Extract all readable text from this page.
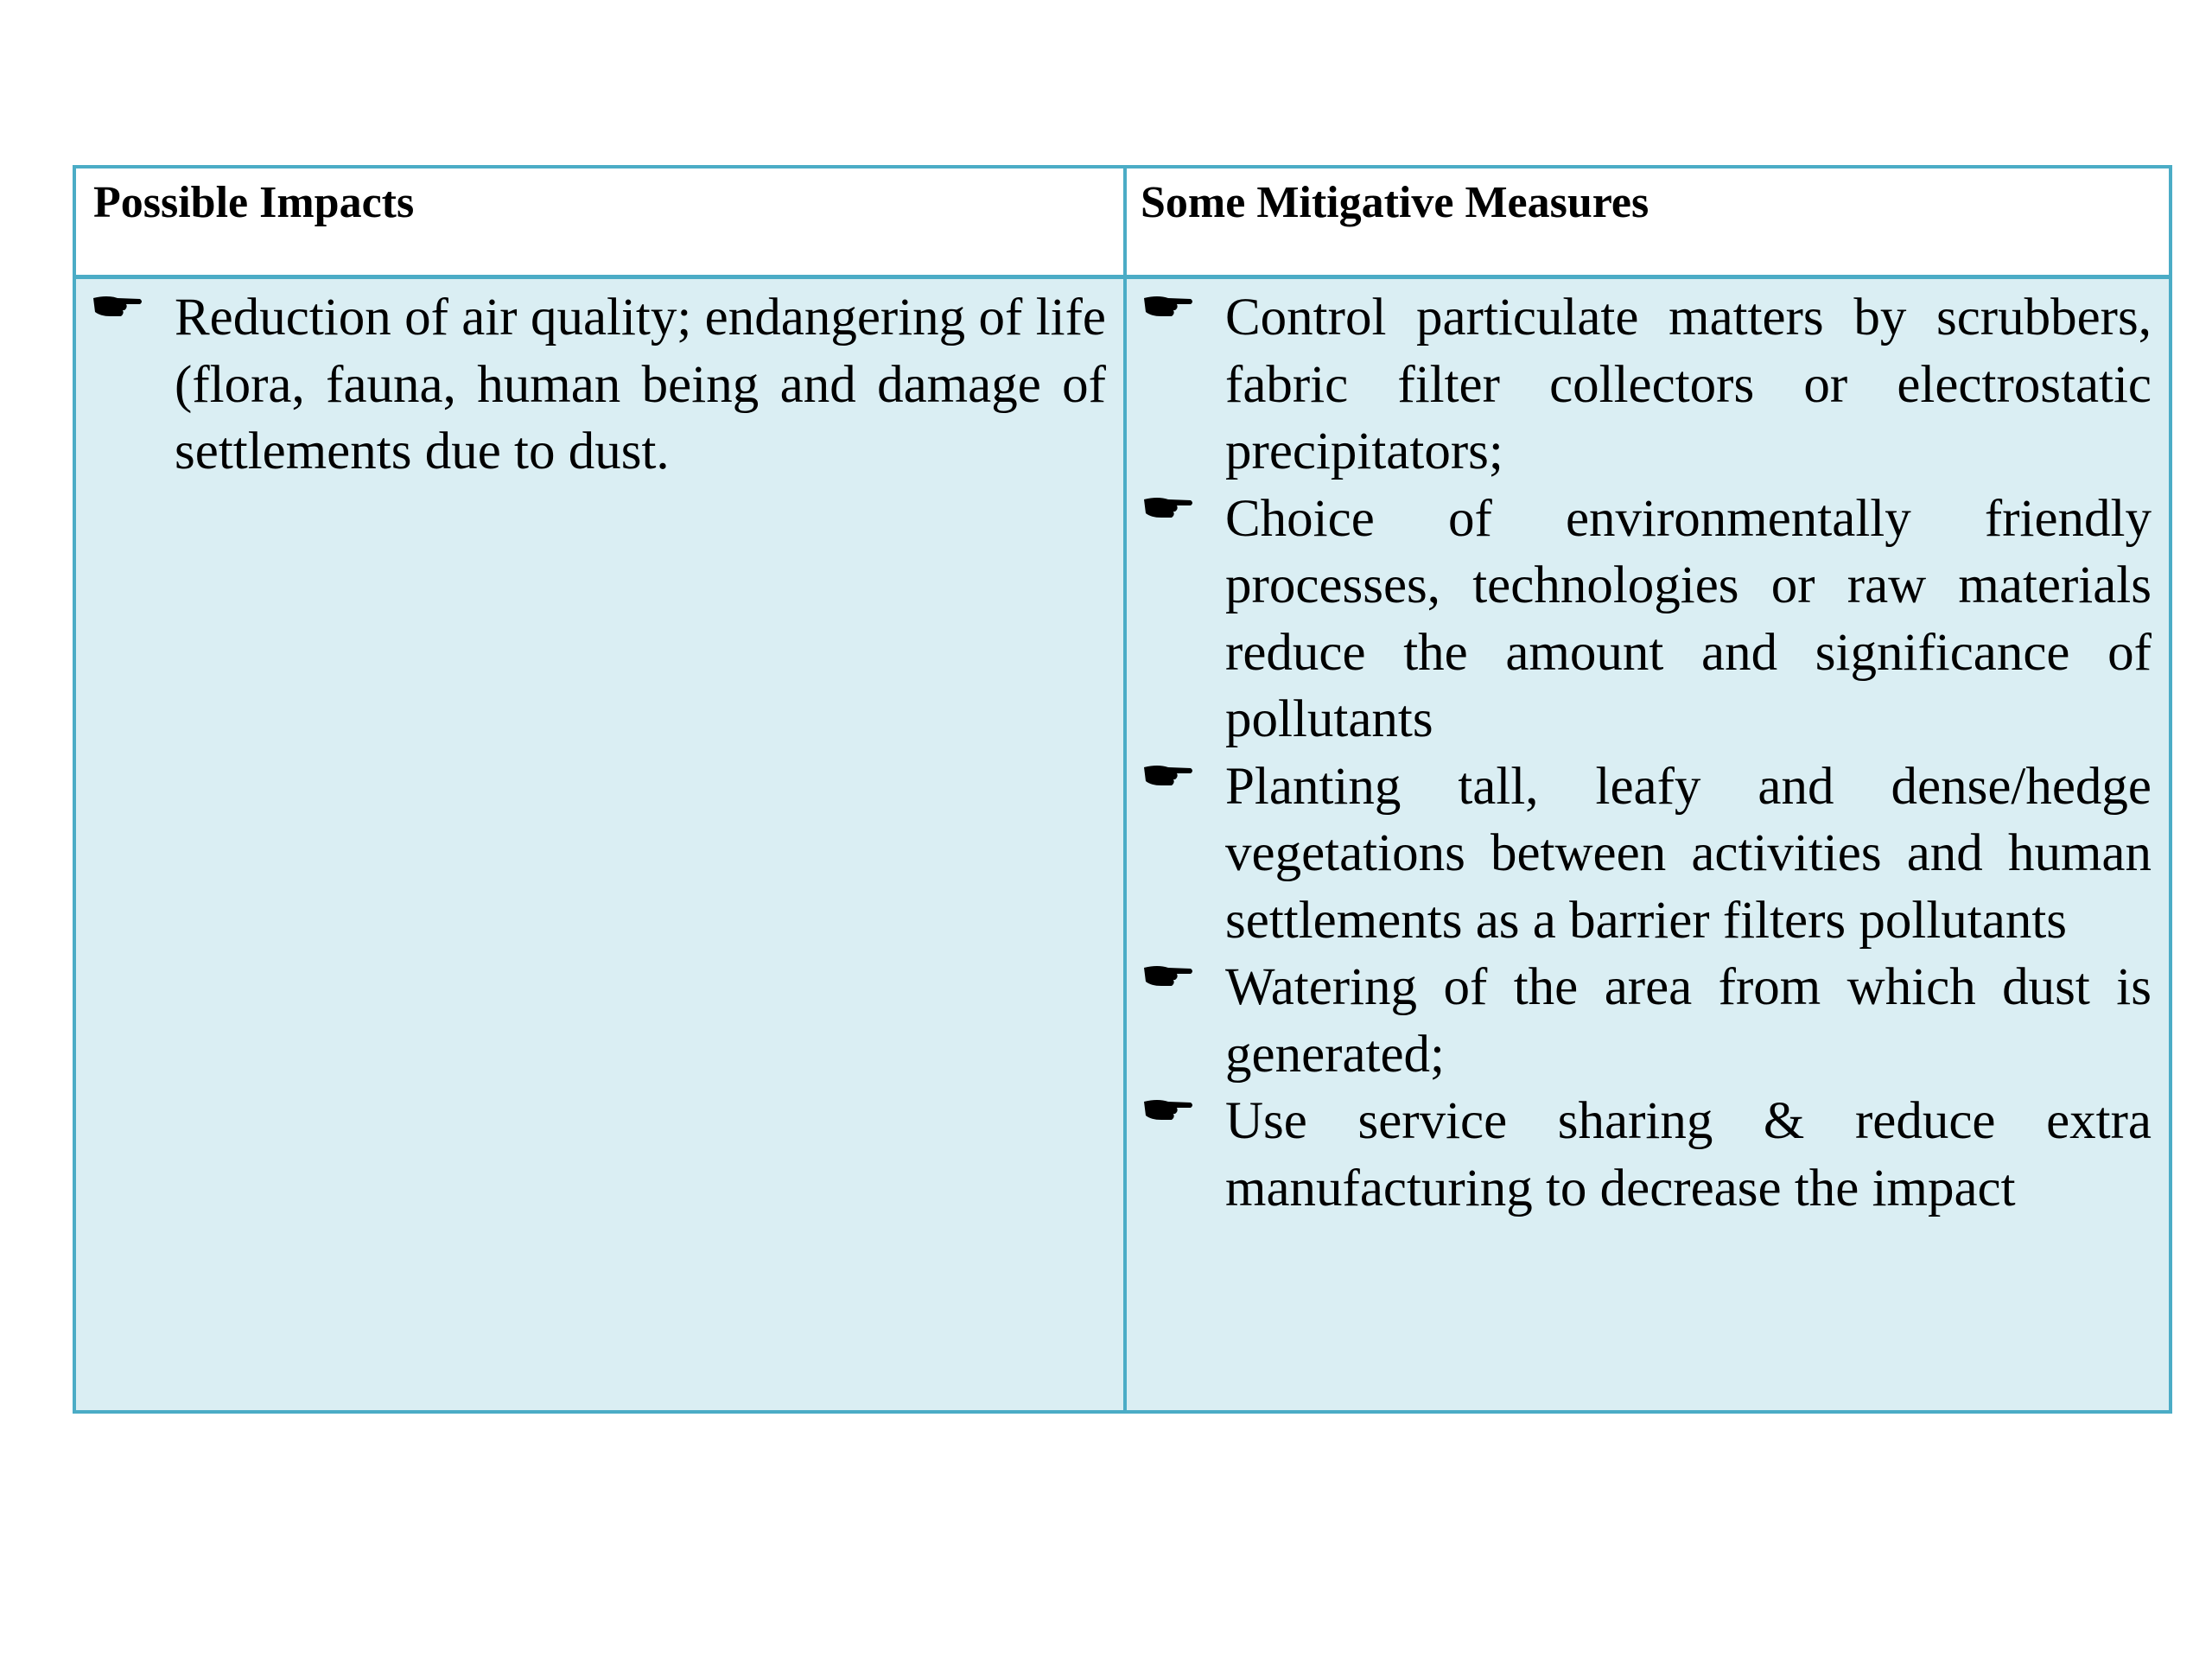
Possible Impacts	Some Mitigative Measures
Reduction of air quality; endangering of life (flora, fauna, human being and damage of settlements due to dust.
Control particulate matters by scrubbers, fabric filter collectors or electrostatic precipitators;
Choice of environmentally friendly processes, technologies or raw materials reduce the amount and significance of pollutants
Planting tall, leafy and dense/hedge vegetations between activities and human settlements as a barrier filters pollutants
Watering of the area from which dust is generated;
Use service sharing & reduce extra manufacturing to decrease the impact
